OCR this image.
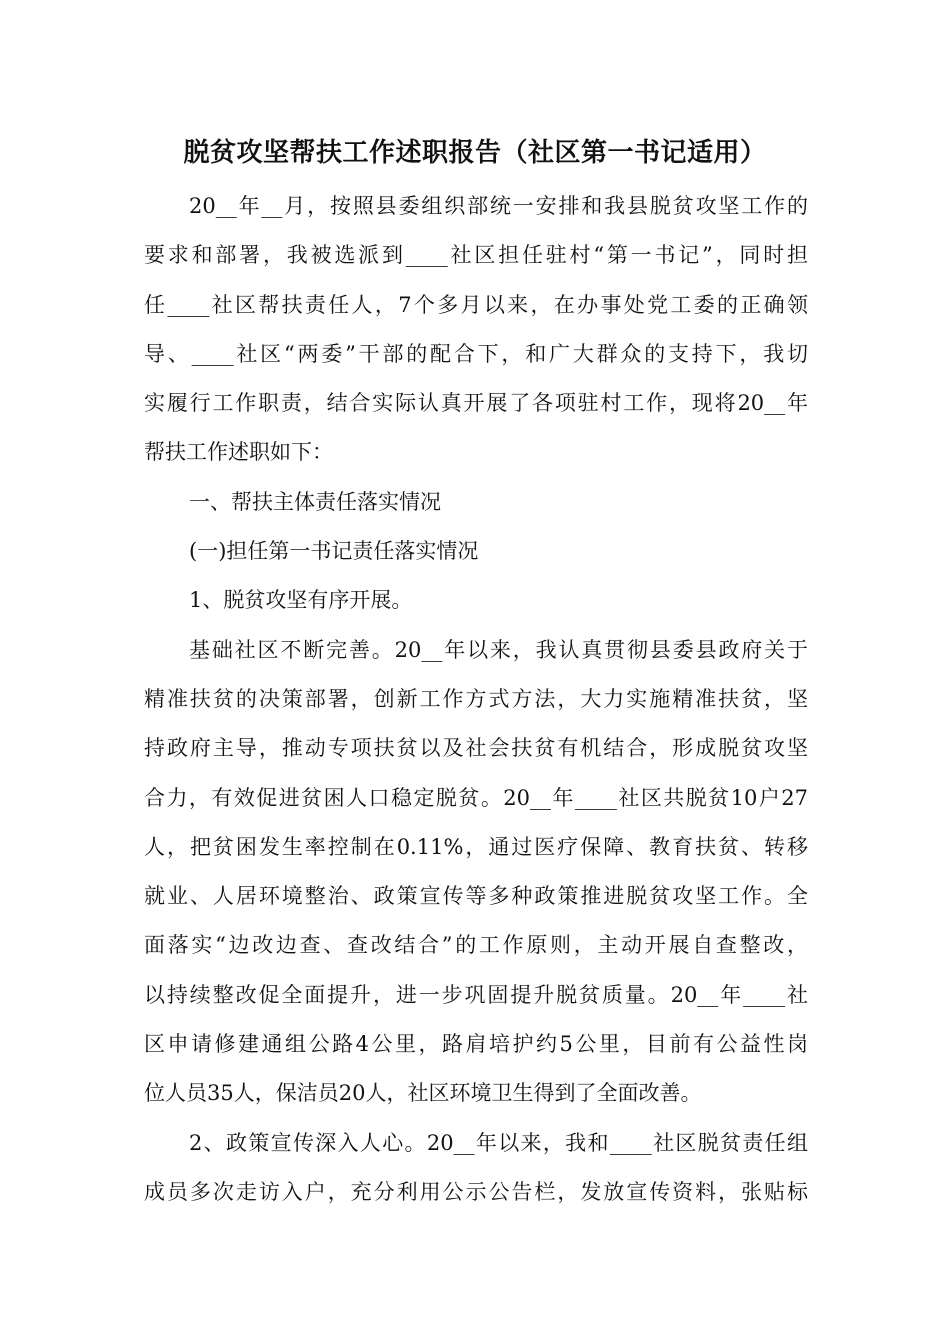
脱贫攻坚帮扶工作述职报告（社区第一书记适用）
20__年__月，按照县委组织部统一安排和我县脱贫攻坚工作的
要求和部署，我被选派到____社区担任驻村“第一书记”，同时担
任____社区帮扶责任人，7个多月以来，在办事处党工委的正确领
导、____社区“两委”干部的配合下，和广大群众的支持下，我切
实履行工作职责，结合实际认真开展了各项驻村工作，现将20__年
帮扶工作述职如下：
一、帮扶主体责任落实情况
(一)担任第一书记责任落实情况
1、脱贫攻坚有序开展。
基础社区不断完善。20__年以来，我认真贯彻县委县政府关于
精准扶贫的决策部署，创新工作方式方法，大力实施精准扶贫，坚
持政府主导，推动专项扶贫以及社会扶贫有机结合，形成脱贫攻坚
合力，有效促进贫困人口稳定脱贫。20__年____社区共脱贫10户27
人，把贫困发生率控制在0.11%，通过医疗保障、教育扶贫、转移
就业、人居环境整治、政策宣传等多种政策推进脱贫攻坚工作。全
面落实“边改边查、查改结合”的工作原则，主动开展自查整改，
以持续整改促全面提升，进一步巩固提升脱贫质量。20__年____社
区申请修建通组公路4公里，路肩培护约5公里，目前有公益性岗
位人员35人，保洁员20人，社区环境卫生得到了全面改善。
2、政策宣传深入人心。20__年以来，我和____社区脱贫责任组
成员多次走访入户，充分利用公示公告栏，发放宣传资料，张贴标
